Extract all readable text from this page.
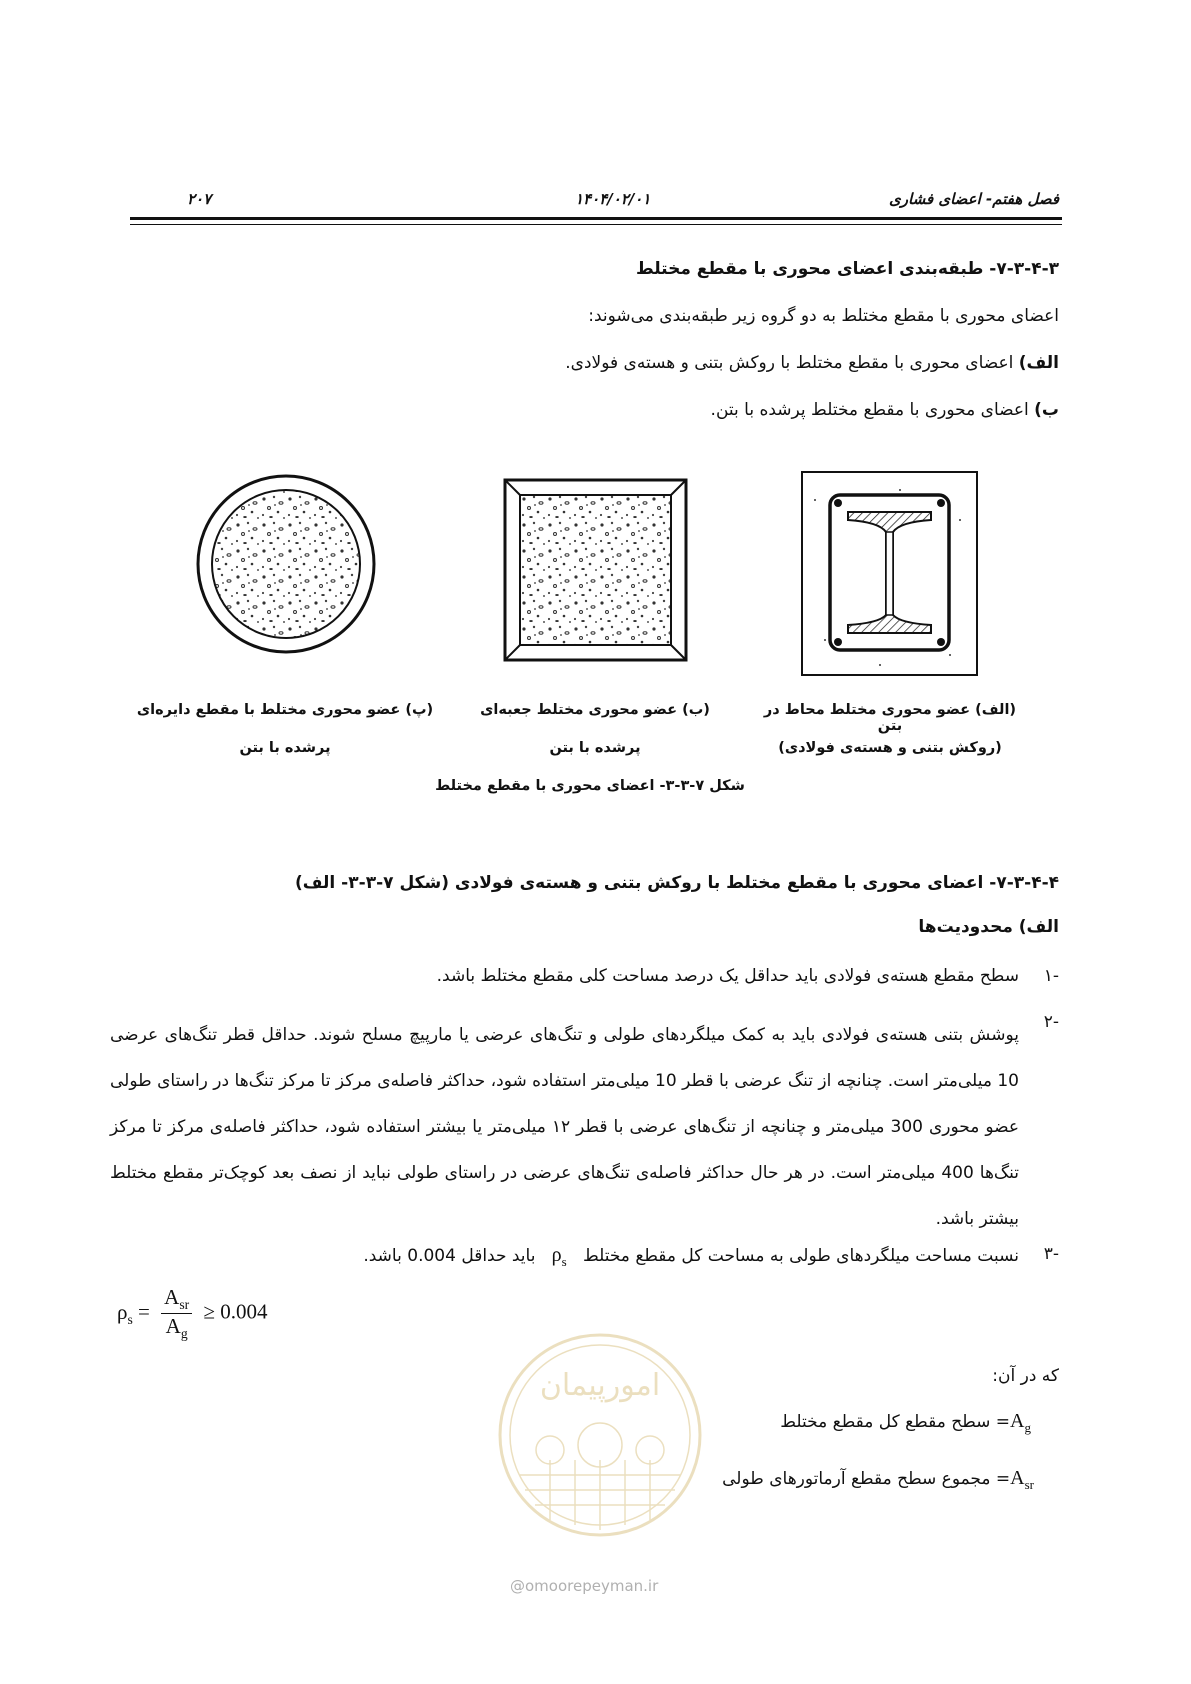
فصل هفتم- اعضای فشاری
۱۴۰۴/۰۲/۰۱
۲۰۷
۷-۳-۴-۳- طبقه‌بندی اعضای محوری با مقطع مختلط
اعضای محوری با مقطع مختلط به دو گروه زیر طبقه‌بندی می‌شوند:
الف) اعضای محوری با مقطع مختلط با روکش بتنی و هسته‌ی فولادی.
ب) اعضای محوری با مقطع مختلط پرشده با بتن.
(الف) عضو محوری مختلط محاط در بتن
(روکش بتنی و هسته‌ی فولادی)
(ب) عضو محوری مختلط جعبه‌ای
پرشده با بتن
(پ) عضو محوری مختلط با مقطع دایره‌ای
پرشده با بتن
شکل ۷-۳-۳- اعضای محوری با مقطع مختلط
۷-۳-۴-۴- اعضای محوری با مقطع مختلط با روکش بتنی و هسته‌ی فولادی (شکل ۷-۳-۳- الف)
الف) محدودیت‌ها
۱-
سطح مقطع هسته‌ی فولادی باید حداقل یک درصد مساحت کلی مقطع مختلط باشد.
۲-
پوشش بتنی هسته‌ی فولادی باید به کمک میلگردهای طولی و تنگ‌های عرضی یا مارپیچ مسلح شوند. حداقل قطر تنگ‌های عرضی 10 میلی‌متر است. چنانچه از تنگ عرضی با قطر 10 میلی‌متر استفاده شود، حداکثر فاصله‌ی مرکز تا مرکز تنگ‌ها در راستای طولی عضو محوری 300 میلی‌متر و چنانچه از تنگ‌های عرضی با قطر ۱۲ میلی‌متر یا بیشتر استفاده شود، حداکثر فاصله‌ی مرکز تا مرکز تنگ‌ها 400 میلی‌متر است. در هر حال حداکثر فاصله‌ی تنگ‌های عرضی در راستای طولی نباید از نصف بعد کوچک‌تر مقطع مختلط بیشتر باشد.
۳-
نسبت مساحت میلگردهای طولی به مساحت کل مقطع مختلط   $\rho_s$   باید حداقل 0.004 باشد.
$\rho_s = \frac{A_{sr}}{A_g} \ge 0.004$
که در آن:
= سطح مقطع کل مقطع مختلطA$_g$
= مجموع سطح مقطع آرماتورهای طولیA$_{sr}$
امورپیمان
@omoorepeyman.ir
